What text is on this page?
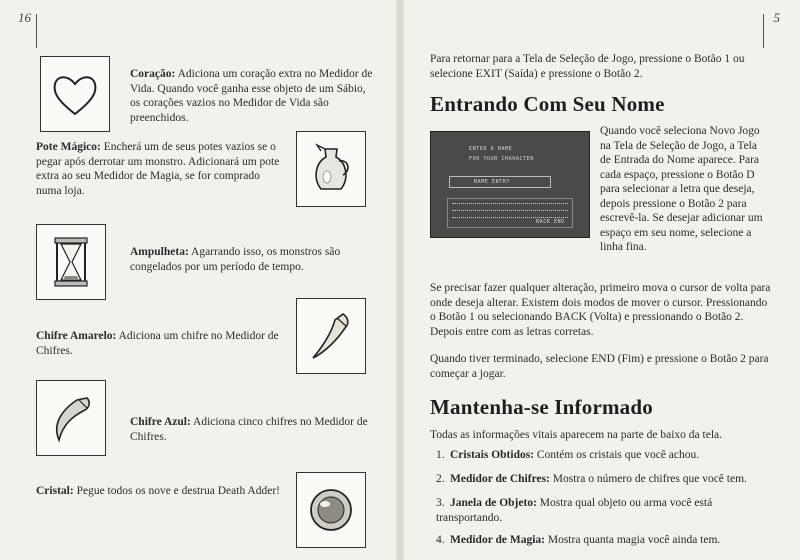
16
Coração: Adiciona um coração extra no Medidor de Vida. Quando você ganha esse objeto de um Sábio, os corações vazios no Medidor de Vida são preenchidos.
Pote Mágico: Encherá um de seus potes vazios se o pegar após derrotar um monstro. Adicionará um pote extra ao seu Medidor de Magia, se for comprado numa loja.
Ampulheta: Agarrando isso, os monstros são congelados por um período de tempo.
Chifre Amarelo: Adiciona um chifre no Medidor de Chifres.
Chifre Azul: Adiciona cinco chifres no Medidor de Chifres.
Cristal: Pegue todos os nove e destrua Death Adder!
5
Para retornar para a Tela de Seleção de Jogo, pressione o Botão 1 ou selecione EXIT (Saída) e pressione o Botão 2.
Entrando Com Seu Nome
ENTER A NAME
FOR YOUR CHARACTER
NAME ENTRY
BACK END
Quando você seleciona Novo Jogo na Tela de Seleção de Jogo, a Tela de Entrada do Nome aparece. Para cada espaço, pressione o Botão D para selecionar a letra que deseja, depois pressione o Botão 2 para escrevê-la. Se desejar adicionar um espaço em seu nome, selecione a linha fina.
Se precisar fazer qualquer alteração, primeiro mova o cursor de volta para onde deseja alterar. Existem dois modos de mover o cursor. Pressionando o Botão 1 ou selecionando BACK (Volta) e pressionando o Botão 2. Depois entre com as letras corretas.
Quando tiver terminado, selecione END (Fim) e pressione o Botão 2 para começar a jogar.
Mantenha-se Informado
Todas as informações vitais aparecem na parte de baixo da tela.
1. Cristais Obtidos: Contém os cristais que você achou.
2. Medidor de Chifres: Mostra o número de chifres que você tem.
3. Janela de Objeto: Mostra qual objeto ou arma você está transportando.
4. Medidor de Magia: Mostra quanta magia você ainda tem.
